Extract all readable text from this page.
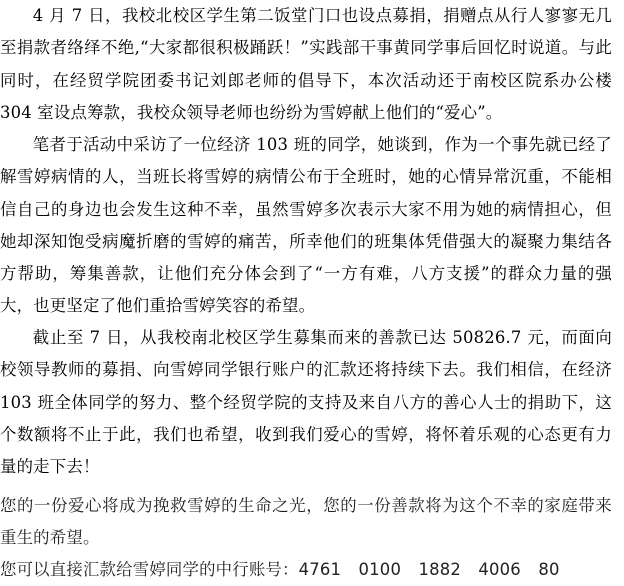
4 月 7 日，我校北校区学生第二饭堂门口也设点募捐，捐赠点从行人寥寥无几至捐款者络绎不绝,“大家都很积极踊跃！”实践部干事黄同学事后回忆时说道。与此同时，在经贸学院团委书记刘郎老师的倡导下，本次活动还于南校区院系办公楼 304 室设点筹款，我校众领导老师也纷纷为雪婷献上他们的“爱心”。

笔者于活动中采访了一位经济 103 班的同学，她谈到，作为一个事先就已经了解雪婷病情的人，当班长将雪婷的病情公布于全班时，她的心情异常沉重，不能相信自己的身边也会发生这种不幸，虽然雪婷多次表示大家不用为她的病情担心，但她却深知饱受病魔折磨的雪婷的痛苦，所幸他们的班集体凭借强大的凝聚力集结各方帮助，筹集善款，让他们充分体会到了“一方有难，八方支援”的群众力量的强大，也更坚定了他们重拾雪婷笑容的希望。

截止至 7 日，从我校南北校区学生募集而来的善款已达 50826.7 元，而面向校领导教师的募捐、向雪婷同学银行账户的汇款还将持续下去。我们相信，在经济 103 班全体同学的努力、整个经贸学院的支持及来自八方的善心人士的捐助下，这个数额将不止于此，我们也希望，收到我们爱心的雪婷，将怀着乐观的心态更有力量的走下去！

您的一份爱心将成为挽救雪婷的生命之光，您的一份善款将为这个不幸的家庭带来重生的希望。

您可以直接汇款给雪婷同学的中行账号：4761 0100 1882 4006 80
